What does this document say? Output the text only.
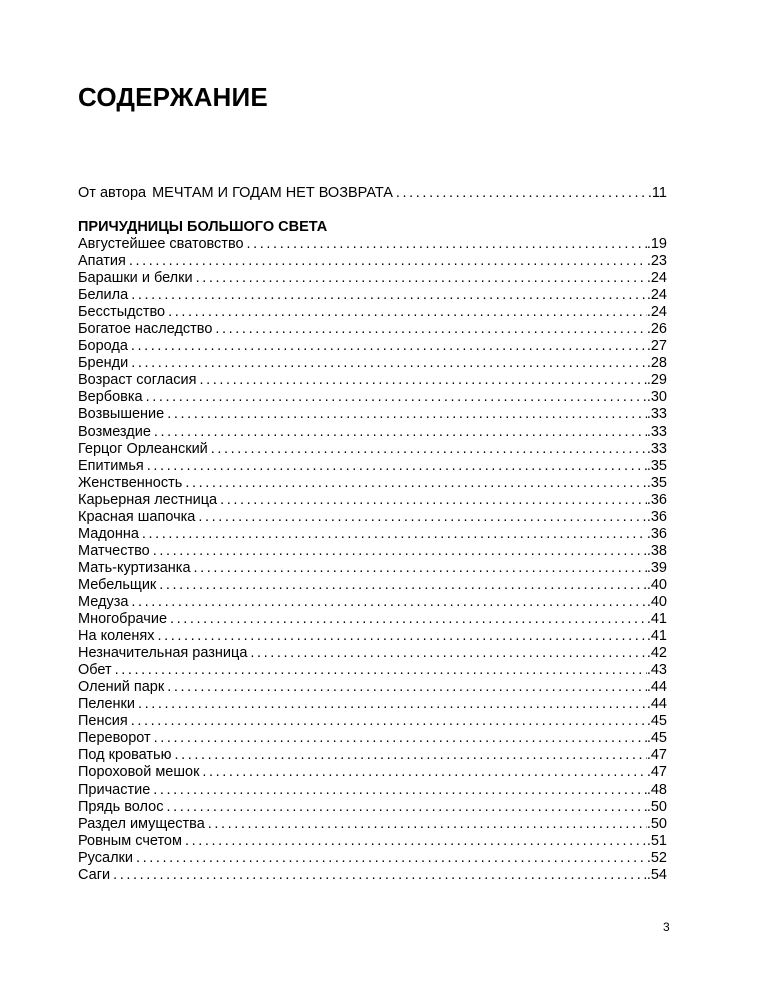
СОДЕРЖАНИЕ
От автора МЕЧТАМ И ГОДАМ НЕТ ВОЗВРАТА .....	.11
ПРИЧУДНИЦЫ БОЛЬШОГО СВЕТА
Августейшее сватовство .....	.19
Апатия .....	.23
Барашки и белки .....	.24
Белила .....	.24
Бесстыдство .....	.24
Богатое наследство .....	.26
Борода .....	.27
Бренди .....	.28
Возраст согласия .....	.29
Вербовка .....	.30
Возвышение .....	.33
Возмездие .....	.33
Герцог Орлеанский .....	.33
Епитимья .....	.35
Женственность .....	.35
Карьерная лестница .....	.36
Красная шапочка .....	.36
Мадонна .....	.36
Матчество .....	.38
Мать-куртизанка .....	.39
Мебельщик .....	.40
Медуза .....	.40
Многобрачие .....	.41
На коленях .....	.41
Незначительная разница .....	.42
Обет .....	.43
Олений парк .....	.44
Пеленки .....	.44
Пенсия .....	.45
Переворот .....	.45
Под кроватью .....	.47
Пороховой мешок .....	.47
Причастие .....	.48
Прядь волос .....	.50
Раздел имущества .....	.50
Ровным счетом .....	.51
Русалки .....	.52
Саги .....	.54
3
